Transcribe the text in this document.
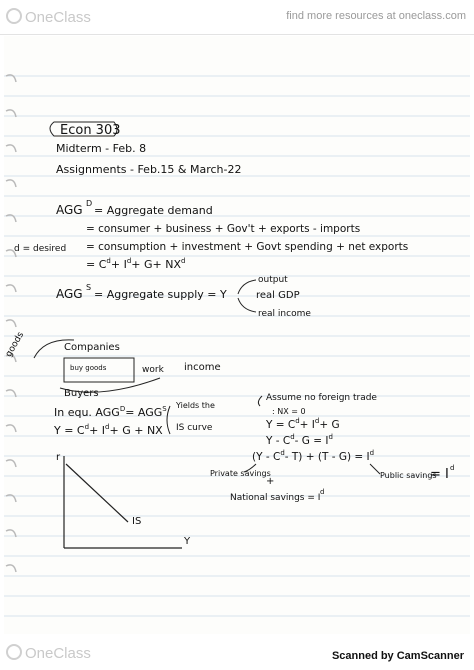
OneClass	find more resources at oneclass.com
Econ 303
Midterm - Feb. 8
Assignments - Feb.15 & March-22
AGG D
= Aggregate demand
= consumer + business + Gov't + exports - imports
d = desired = consumption + investment + Govt spending + net exports
= $C^d+ I^d+ G+ NX^d$
AGG S
= Aggregate supply = Y
output
real GDP
real income
goods	Companies
buy goods	work income
Buyers
In equ. $AGG^D= AGG^S$
$Y = C^d+ I^d+ G$ + NX
Yields the
IS curve
Assume no foreign trade
: NX = 0
$Y = C^d+ I^d+ G$
Y - $C^d-$ $G = I^d$
($Y - C^d-$ $T) + (T - G) = I^d$
Private savings
+
Public savings
= I d
National savings = I
d
r
Y
IS
OneClass	Scanned by CamScanner
